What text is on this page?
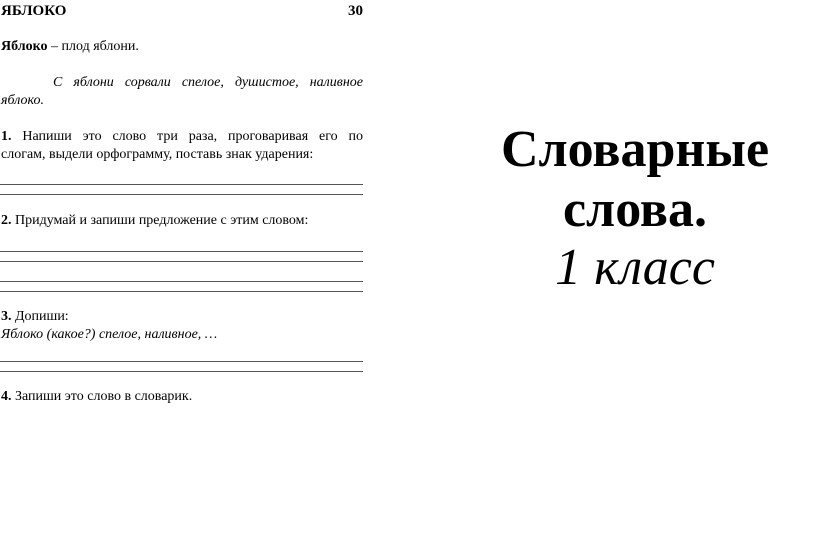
ЯБЛОКО	30
Яблоко – плод яблони.
С яблони сорвали спелое, душистое, наливное
яблоко.
1. Напиши это слово три раза, проговаривая его по
слогам, выдели орфограмму, поставь знак ударения:
2. Придумай и запиши предложение с этим словом:
3. Допиши:
Яблоко (какое?) спелое, наливное, …
4. Запиши это слово в словарик.
Словарные
слова.
1 класс
